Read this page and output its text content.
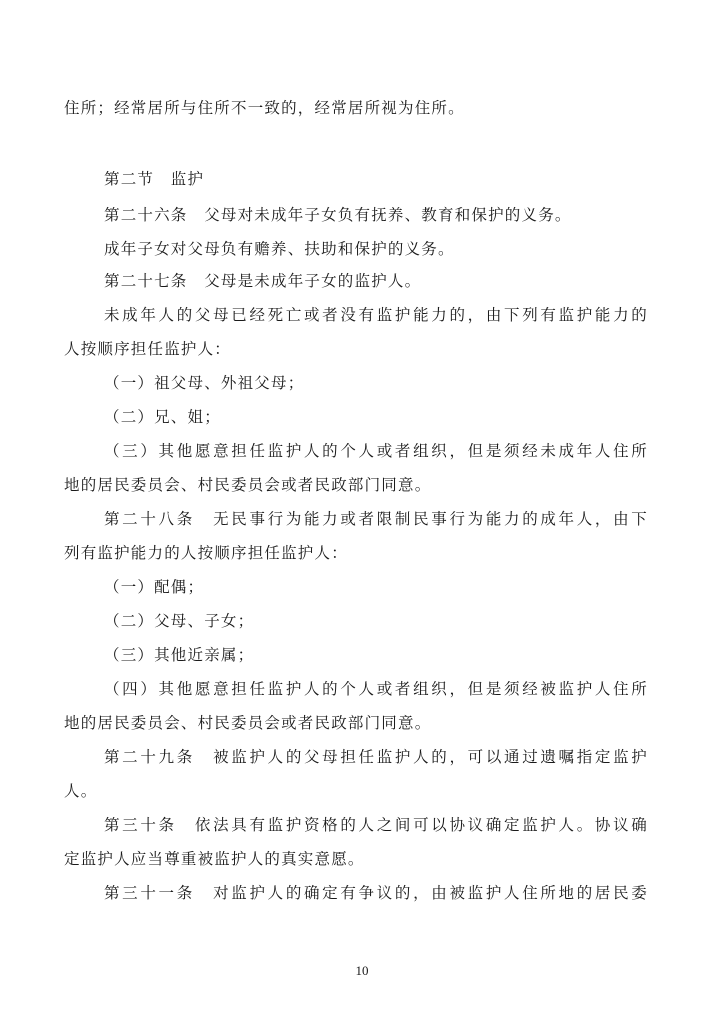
住所；经常居所与住所不一致的，经常居所视为住所。
第二节　监护
第二十六条　父母对未成年子女负有抚养、教育和保护的义务。
成年子女对父母负有赡养、扶助和保护的义务。
第二十七条　父母是未成年子女的监护人。
未成年人的父母已经死亡或者没有监护能力的，由下列有监护能力的
人按顺序担任监护人：
（一）祖父母、外祖父母；
（二）兄、姐；
（三）其他愿意担任监护人的个人或者组织，但是须经未成年人住所
地的居民委员会、村民委员会或者民政部门同意。
第二十八条　无民事行为能力或者限制民事行为能力的成年人，由下
列有监护能力的人按顺序担任监护人：
（一）配偶；
（二）父母、子女；
（三）其他近亲属；
（四）其他愿意担任监护人的个人或者组织，但是须经被监护人住所
地的居民委员会、村民委员会或者民政部门同意。
第二十九条　被监护人的父母担任监护人的，可以通过遗嘱指定监护
人。
第三十条　依法具有监护资格的人之间可以协议确定监护人。协议确
定监护人应当尊重被监护人的真实意愿。
第三十一条　对监护人的确定有争议的，由被监护人住所地的居民委
10
